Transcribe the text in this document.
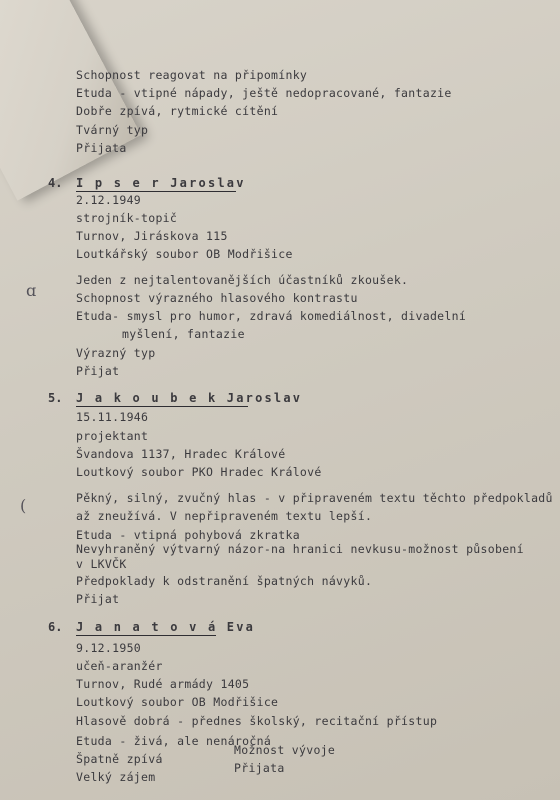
Schopnost reagovat na připomínky
Etuda - vtipné nápady, ještě nedopracované, fantazie
Dobře zpívá, rytmické cítění
Tvárný typ
Přijata
4. I p s e r Jaroslav
2.12.1949
strojník-topič
Turnov, Jiráskova 115
Loutkářský soubor OB Modřišice
Jeden z nejtalentovanějších účastníků zkoušek.
Schopnost výrazného hlasového kontrastu
Etuda- smysl pro humor, zdravá komediálnost, divadelní
myšlení, fantazie
Výrazný typ
Přijat
ɑ
5. J a k o u b e k Jaroslav
15.11.1946
projektant
Švandova 1137, Hradec Králové
Loutkový soubor PKO Hradec Králové
Pěkný, silný, zvučný hlas - v připraveném textu těchto předpokladů
až zneužívá. V nepřipraveném textu lepší.
Etuda - vtipná pohybová zkratka
Nevyhraněný výtvarný názor-na hranici nevkusu-možnost působení
v LKVČK
Předpoklady k odstranění špatných návyků.
Přijat
(
6. J a n a t o v á Eva
9.12.1950
učeň-aranžér
Turnov, Rudé armády 1405
Loutkový soubor OB Modřišice
Hlasově dobrá - přednes školský, recitační přístup
Etuda - živá, ale nenáročná
Špatně zpívá
Velký zájem
Možnost vývoje
Přijata
